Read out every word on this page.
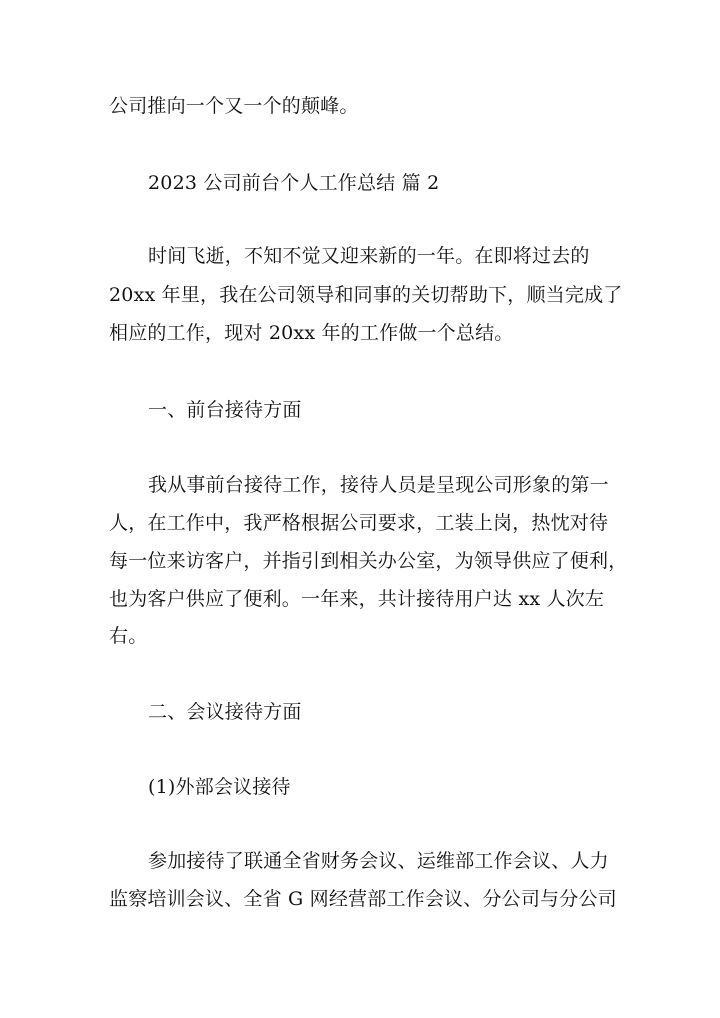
公司推向一个又一个的颠峰。
2023 公司前台个人工作总结 篇 2
时间飞逝，不知不觉又迎来新的一年。在即将过去的
20xx 年里，我在公司领导和同事的关切帮助下，顺当完成了
相应的工作，现对 20xx 年的工作做一个总结。
一、前台接待方面
我从事前台接待工作，接待人员是呈现公司形象的第一
人，在工作中，我严格根据公司要求，工装上岗，热忱对待
每一位来访客户，并指引到相关办公室，为领导供应了便利，
也为客户供应了便利。一年来，共计接待用户达 xx 人次左
右。
二、会议接待方面
(1)外部会议接待
参加接待了联通全省财务会议、运维部工作会议、人力
监察培训会议、全省 G 网经营部工作会议、分公司与分公司
